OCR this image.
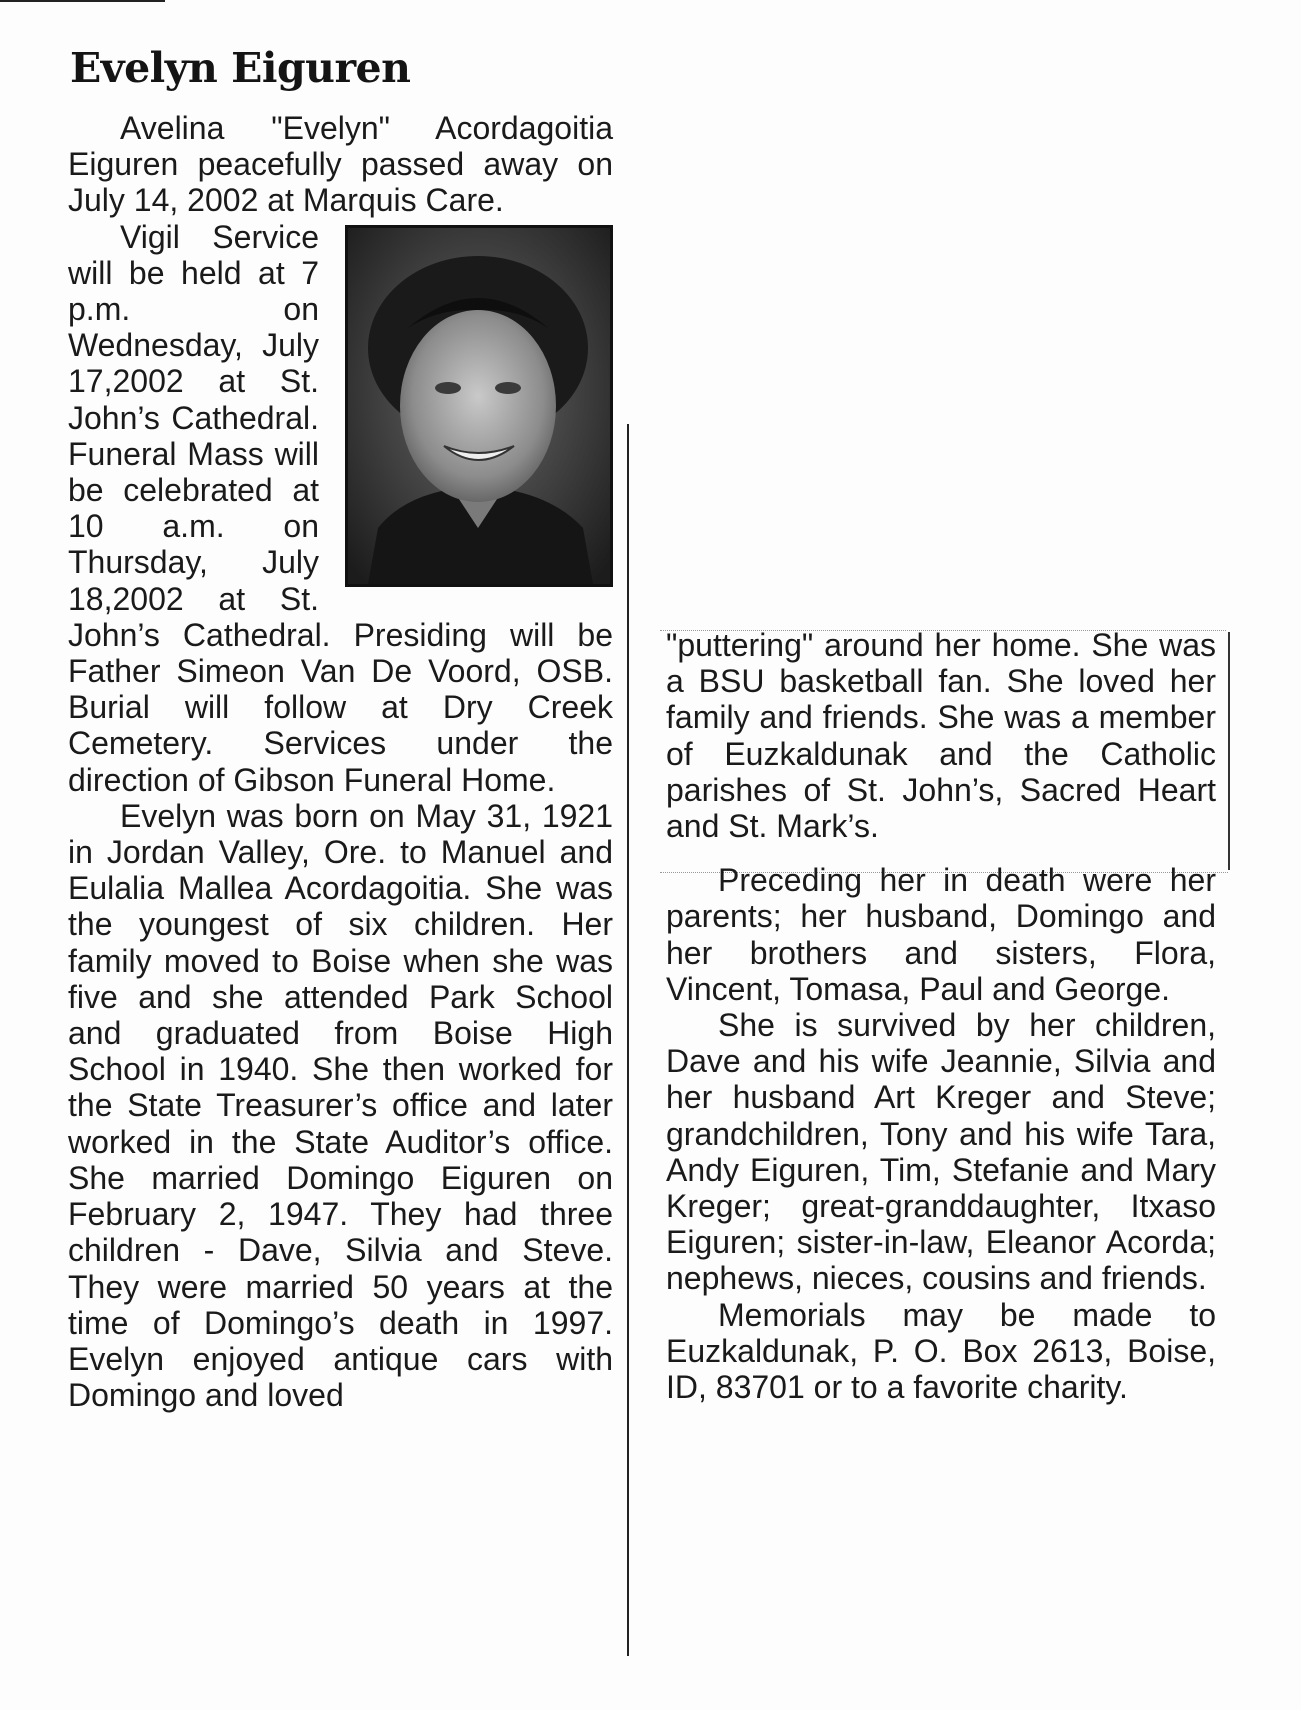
Evelyn Eiguren

Avelina "Evelyn" Acordagoitia Eiguren peacefully passed away on July 14, 2002 at Marquis Care.

Vigil Service will be held at 7 p.m. on Wednesday, July 17,2002 at St. John’s Cathedral. Funeral Mass will be celebrated at 10 a.m. on Thursday, July 18,2002 at St. John’s Cathedral. Presiding will be Father Simeon Van De Voord, OSB. Burial will follow at Dry Creek Cemetery. Services under the direction of Gibson Funeral Home.

Evelyn was born on May 31, 1921 in Jordan Valley, Ore. to Manuel and Eulalia Mallea Acordagoitia. She was the youngest of six children. Her family moved to Boise when she was five and she attended Park School and graduated from Boise High School in 1940. She then worked for the State Treasurer’s office and later worked in the State Auditor’s office. She married Domingo Eiguren on February 2, 1947. They had three children - Dave, Silvia and Steve. They were married 50 years at the time of Domingo’s death in 1997. Evelyn enjoyed antique cars with Domingo and loved

"puttering" around her home. She was a BSU basketball fan. She loved her family and friends. She was a member of Euzkaldunak and the Catholic parishes of St. John’s, Sacred Heart and St. Mark’s.

Preceding her in death were her parents; her husband, Domingo and her brothers and sisters, Flora, Vincent, Tomasa, Paul and George.

She is survived by her children, Dave and his wife Jeannie, Silvia and her husband Art Kreger and Steve; grandchildren, Tony and his wife Tara, Andy Eiguren, Tim, Stefanie and Mary Kreger; great-granddaughter, Itxaso Eiguren; sister-in-law, Eleanor Acorda; nephews, nieces, cousins and friends.

Memorials may be made to Euzkaldunak, P. O. Box 2613, Boise, ID, 83701 or to a favorite charity.
